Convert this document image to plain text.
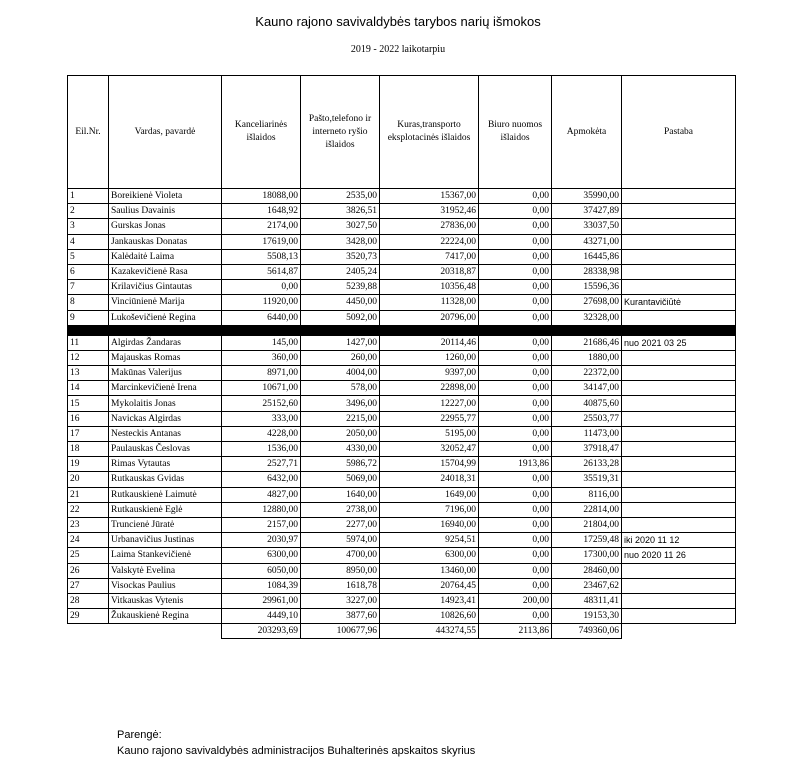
Kauno rajono savivaldybės tarybos narių išmokos
2019 - 2022 laikotarpiu
Eil.Nr.	Vardas, pavardė	Kanceliarinės išlaidos	Pašto,telefono ir interneto ryšio išlaidos	Kuras,transporto eksplotacinės išlaidos	Biuro nuomos išlaidos	Apmokėta	Pastaba
1	Boreikienė Violeta	18088,00	2535,00	15367,00	0,00	35990,00	
2	Saulius Davainis	1648,92	3826,51	31952,46	0,00	37427,89	
3	Gurskas Jonas	2174,00	3027,50	27836,00	0,00	33037,50	
4	Jankauskas Donatas	17619,00	3428,00	22224,00	0,00	43271,00	
5	Kalėdaitė Laima	5508,13	3520,73	7417,00	0,00	16445,86	
6	Kazakevičienė Rasa	5614,87	2405,24	20318,87	0,00	28338,98	
7	Krilavičius Gintautas	0,00	5239,88	10356,48	0,00	15596,36	
8	Vinciūnienė Marija	11920,00	4450,00	11328,00	0,00	27698,00	Kurantavičiūtė
9	Lukoševičienė Regina	6440,00	5092,00	20796,00	0,00	32328,00	

11	Algirdas Žandaras	145,00	1427,00	20114,46	0,00	21686,46	nuo 2021 03 25
12	Majauskas Romas	360,00	260,00	1260,00	0,00	1880,00	
13	Makūnas Valerijus	8971,00	4004,00	9397,00	0,00	22372,00	
14	Marcinkevičienė Irena	10671,00	578,00	22898,00	0,00	34147,00	
15	Mykolaitis Jonas	25152,60	3496,00	12227,00	0,00	40875,60	
16	Navickas Algirdas	333,00	2215,00	22955,77	0,00	25503,77	
17	Nesteckis Antanas	4228,00	2050,00	5195,00	0,00	11473,00	
18	Paulauskas Česlovas	1536,00	4330,00	32052,47	0,00	37918,47	
19	Rimas Vytautas	2527,71	5986,72	15704,99	1913,86	26133,28	
20	Rutkauskas Gvidas	6432,00	5069,00	24018,31	0,00	35519,31	
21	Rutkauskienė Laimutė	4827,00	1640,00	1649,00	0,00	8116,00	
22	Rutkauskienė Eglė	12880,00	2738,00	7196,00	0,00	22814,00	
23	Truncienė Jūratė	2157,00	2277,00	16940,00	0,00	21804,00	
24	Urbanavičius Justinas	2030,97	5974,00	9254,51	0,00	17259,48	iki 2020 11 12
25	Laima Stankevičienė	6300,00	4700,00	6300,00	0,00	17300,00	nuo 2020 11 26
26	Valskytė Evelina	6050,00	8950,00	13460,00	0,00	28460,00	
27	Visockas Paulius	1084,39	1618,78	20764,45	0,00	23467,62	
28	Vitkauskas Vytenis	29961,00	3227,00	14923,41	200,00	48311,41	
29	Žukauskienė Regina	4449,10	3877,60	10826,60	0,00	19153,30	
		203293,69	100677,96	443274,55	2113,86	749360,06	
Parengė:
Kauno rajono savivaldybės administracijos Buhalterinės apskaitos skyrius
